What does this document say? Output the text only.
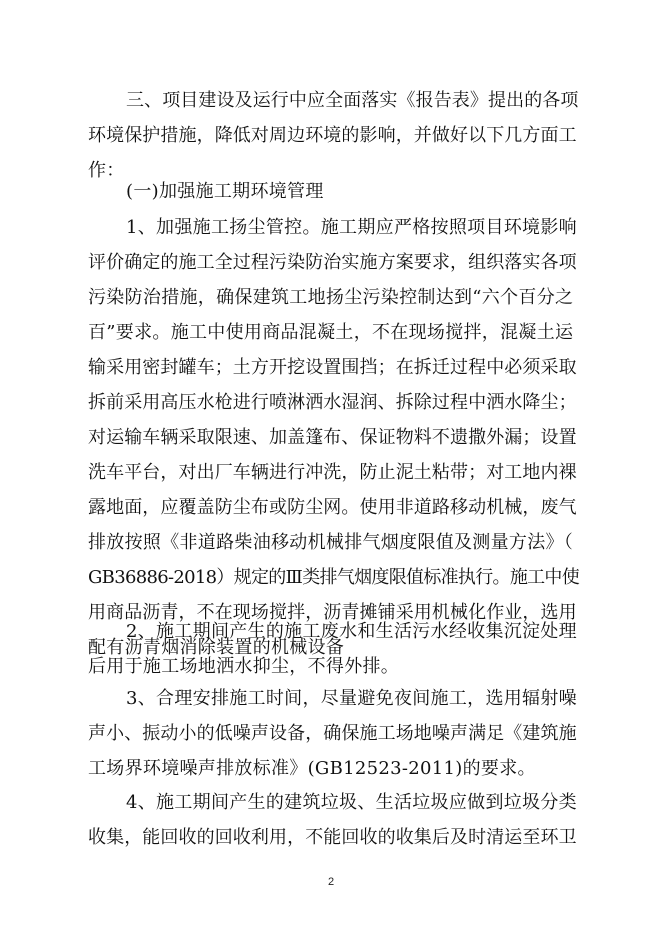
三、项目建设及运行中应全面落实《报告表》提出的各项
环境保护措施，降低对周边环境的影响，并做好以下几方面工
作：
(一)加强施工期环境管理
1、加强施工扬尘管控。施工期应严格按照项目环境影响
评价确定的施工全过程污染防治实施方案要求，组织落实各项
污染防治措施，确保建筑工地扬尘污染控制达到“六个百分之
百”要求。施工中使用商品混凝土，不在现场搅拌，混凝土运
输采用密封罐车；土方开挖设置围挡；在拆迁过程中必须采取
拆前采用高压水枪进行喷淋洒水湿润、拆除过程中洒水降尘；
对运输车辆采取限速、加盖篷布、保证物料不遗撒外漏；设置
洗车平台，对出厂车辆进行冲洗，防止泥土粘带；对工地内裸
露地面，应覆盖防尘布或防尘网。使用非道路移动机械，废气
排放按照《非道路柴油移动机械排气烟度限值及测量方法》（
GB36886-2018）规定的Ⅲ类排气烟度限值标准执行。施工中使
用商品沥青，不在现场搅拌，沥青摊铺采用机械化作业，选用
配有沥青烟消除装置的机械设备
2、施工期间产生的施工废水和生活污水经收集沉淀处理
后用于施工场地洒水抑尘，不得外排。
3、合理安排施工时间，尽量避免夜间施工，选用辐射噪
声小、振动小的低噪声设备，确保施工场地噪声满足《建筑施
工场界环境噪声排放标准》(GB12523-2011)的要求。
4、施工期间产生的建筑垃圾、生活垃圾应做到垃圾分类
收集，能回收的回收利用，不能回收的收集后及时清运至环卫
2
